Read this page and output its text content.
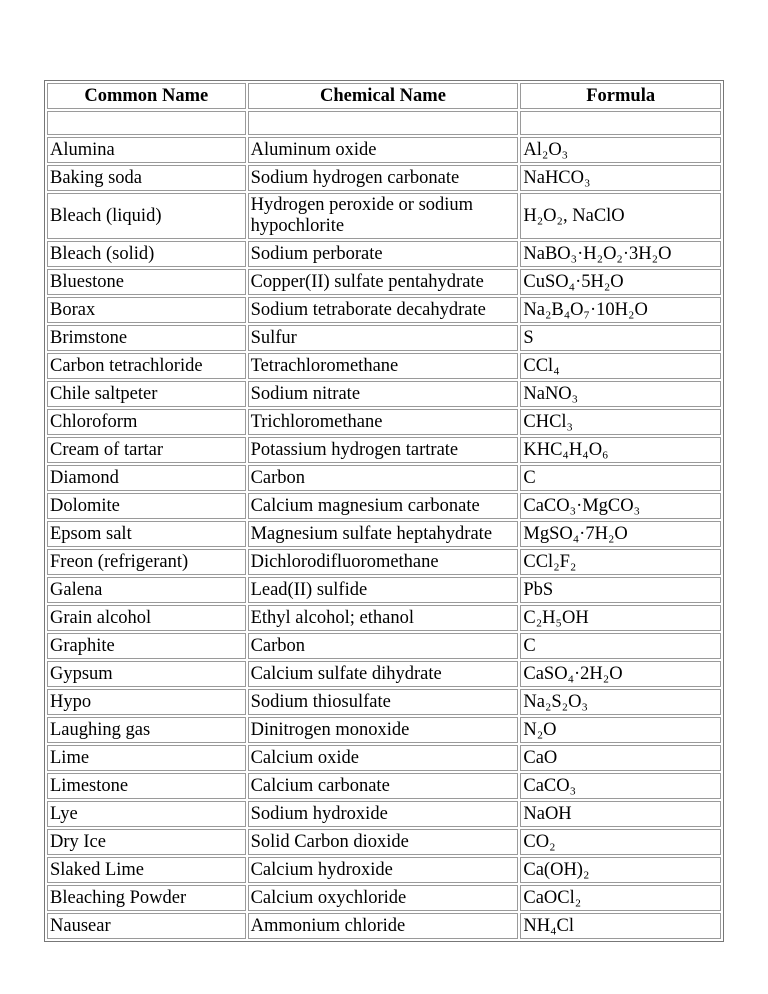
Common Name	Chemical Name	Formula

Alumina	Aluminum oxide	Al₂O₃
Baking soda	Sodium hydrogen carbonate	NaHCO₃
Bleach (liquid)	Hydrogen peroxide or sodium hypochlorite	H₂O₂, NaClO
Bleach (solid)	Sodium perborate	NaBO₃·H₂O₂·3H₂O
Bluestone	Copper(II) sulfate pentahydrate	CuSO₄·5H₂O
Borax	Sodium tetraborate decahydrate	Na₂B₄O₇·10H₂O
Brimstone	Sulfur	S
Carbon tetrachloride	Tetrachloromethane	CCl₄
Chile saltpeter	Sodium nitrate	NaNO₃
Chloroform	Trichloromethane	CHCl₃
Cream of tartar	Potassium hydrogen tartrate	KHC₄H₄O₆
Diamond	Carbon	C
Dolomite	Calcium magnesium carbonate	CaCO₃·MgCO₃
Epsom salt	Magnesium sulfate heptahydrate	MgSO₄·7H₂O
Freon (refrigerant)	Dichlorodifluoromethane	CCl₂F₂
Galena	Lead(II) sulfide	PbS
Grain alcohol	Ethyl alcohol; ethanol	C₂H₅OH
Graphite	Carbon	C
Gypsum	Calcium sulfate dihydrate	CaSO₄·2H₂O
Hypo	Sodium thiosulfate	Na₂S₂O₃
Laughing gas	Dinitrogen monoxide	N₂O
Lime	Calcium oxide	CaO
Limestone	Calcium carbonate	CaCO₃
Lye	Sodium hydroxide	NaOH
Dry Ice	Solid Carbon dioxide	CO₂
Slaked Lime	Calcium hydroxide	Ca(OH)₂
Bleaching Powder	Calcium oxychloride	CaOCl₂
Nausear	Ammonium chloride	NH₄Cl
